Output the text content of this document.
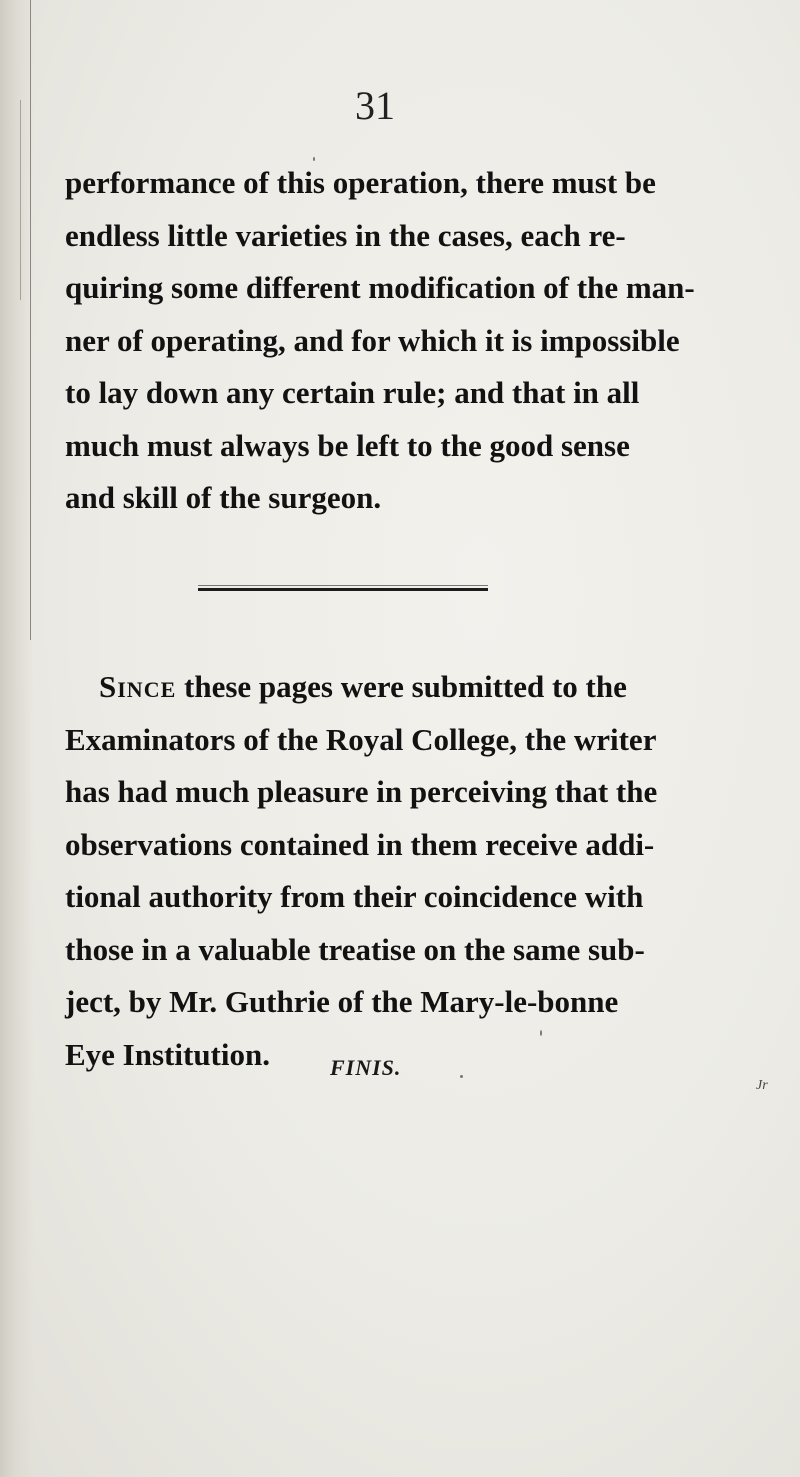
31
performance of this operation, there must be
endless little varieties in the cases, each re-
quiring some different modification of the man-
ner of operating, and for which it is impossible
to lay down any certain rule; and that in all
much must always be left to the good sense
and skill of the surgeon.
Since these pages were submitted to the
Examinators of the Royal College, the writer
has had much pleasure in perceiving that the
observations contained in them receive addi-
tional authority from their coincidence with
those in a valuable treatise on the same sub-
ject, by Mr. Guthrie of the Mary-le-bonne
Eye Institution.	FINIS.
Jr
